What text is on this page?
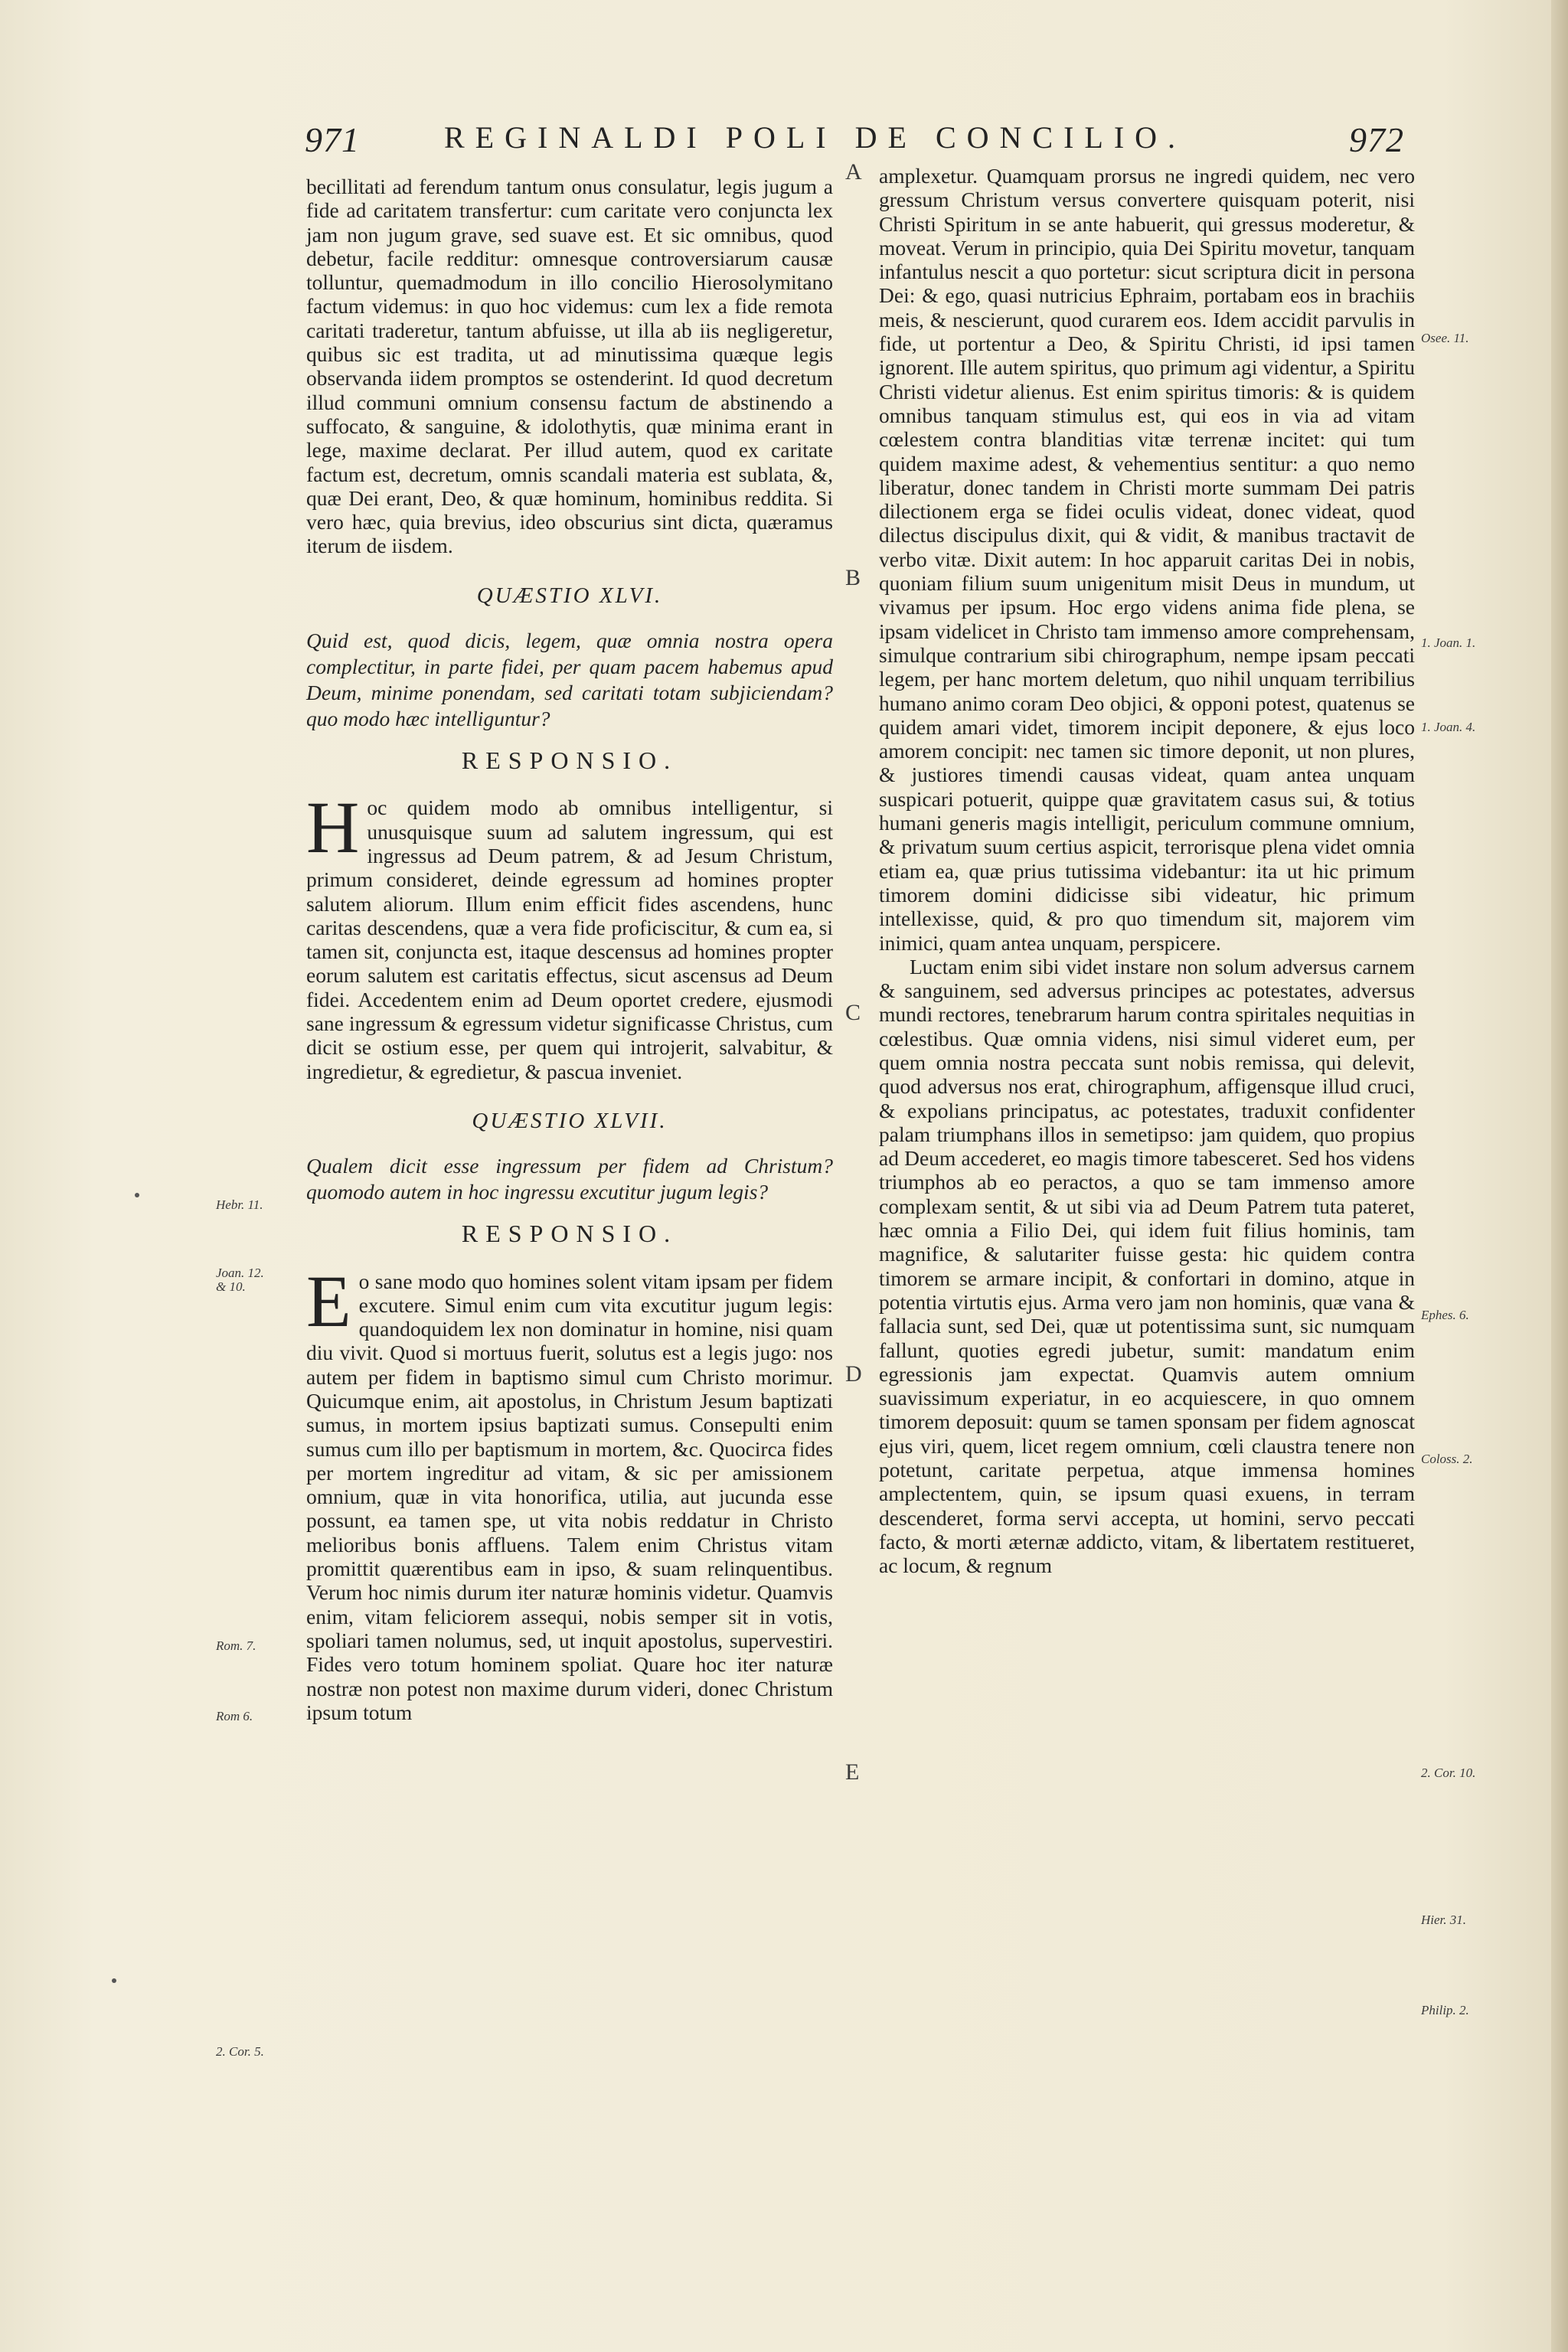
971	REGINALDI POLI DE CONCILIO.	972

becillitati ad ferendum tantum onus consulatur, legis jugum a fide ad caritatem transfertur: cum caritate vero conjuncta lex jam non jugum grave, sed suave est. Et sic omnibus, quod debetur, facile redditur: omnesque controversiarum causæ tolluntur, quemadmodum in illo concilio Hierosolymitano factum videmus: in quo hoc videmus: cum lex a fide remota caritati traderetur, tantum abfuisse, ut illa ab iis negligeretur, quibus sic est tradita, ut ad minutissima quæque legis observanda iidem promptos se ostenderint. Id quod decretum illud communi omnium consensu factum de abstinendo a suffocato, & sanguine, & idolothytis, quæ minima erant in lege, maxime declarat. Per illud autem, quod ex caritate factum est, decretum, omnis scandali materia est sublata, &, quæ Dei erant, Deo, & quæ hominum, hominibus reddita. Si vero hæc, quia brevius, ideo obscurius sint dicta, quæramus iterum de iisdem.

QUÆSTIO XLVI.

Quid est, quod dicis, legem, quæ omnia nostra opera complectitur, in parte fidei, per quam pacem habemus apud Deum, minime ponendam, sed caritati totam subjiciendam? quo modo hæc intelliguntur?

RESPONSIO.

Hoc quidem modo ab omnibus intelligentur, si unusquisque suum ad salutem ingressum, qui est ingressus ad Deum patrem, & ad Jesum Christum, primum consideret, deinde egressum ad homines propter salutem aliorum. Illum enim efficit fides ascendens, hunc caritas descendens, quæ a vera fide proficiscitur, & cum ea, si tamen sit, conjuncta est, itaque descensus ad homines propter eorum salutem est caritatis effectus, sicut ascensus ad Deum fidei. Accedentem enim ad Deum oportet credere, ejusmodi sane ingressum & egressum videtur significasse Christus, cum dicit se ostium esse, per quem qui introjerit, salvabitur, & ingredietur, & egredietur, & pascua inveniet.

QUÆSTIO XLVII.

Qualem dicit esse ingressum per fidem ad Christum? quomodo autem in hoc ingressu excutitur jugum legis?

RESPONSIO.

Eo sane modo quo homines solent vitam ipsam per fidem excutere. Simul enim cum vita excutitur jugum legis: quandoquidem lex non dominatur in homine, nisi quam diu vivit. Quod si mortuus fuerit, solutus est a legis jugo: nos autem per fidem in baptismo simul cum Christo morimur. Quicumque enim, ait apostolus, in Christum Jesum baptizati sumus, in mortem ipsius baptizati sumus. Consepulti enim sumus cum illo per baptismum in mortem, &c. Quocirca fides per mortem ingreditur ad vitam, & sic per amissionem omnium, quæ in vita honorifica, utilia, aut jucunda esse possunt, ea tamen spe, ut vita nobis reddatur in Christo melioribus bonis affluens. Talem enim Christus vitam promittit quærentibus eam in ipso, & suam relinquentibus. Verum hoc nimis durum iter naturæ hominis videtur. Quamvis enim, vitam feliciorem assequi, nobis semper sit in votis, spoliari tamen nolumus, sed, ut inquit apostolus, supervestiri. Fides vero totum hominem spoliat. Quare hoc iter naturæ nostræ non potest non maxime durum videri, donec Christum ipsum totum

amplexetur. Quamquam prorsus ne ingredi quidem, nec vero gressum Christum versus convertere quisquam poterit, nisi Christi Spiritum in se ante habuerit, qui gressus moderetur, & moveat. Verum in principio, quia Dei Spiritu movetur, tanquam infantulus nescit a quo portetur: sicut scriptura dicit in persona Dei: & ego, quasi nutricius Ephraim, portabam eos in brachiis meis, & nescierunt, quod curarem eos. Idem accidit parvulis in fide, ut portentur a Deo, & Spiritu Christi, id ipsi tamen ignorent. Ille autem spiritus, quo primum agi videntur, a Spiritu Christi videtur alienus. Est enim spiritus timoris: & is quidem omnibus tanquam stimulus est, qui eos in via ad vitam cœlestem contra blanditias vitæ terrenæ incitet: qui tum quidem maxime adest, & vehementius sentitur: a quo nemo liberatur, donec tandem in Christi morte summam Dei patris dilectionem erga se fidei oculis videat, donec videat, quod dilectus discipulus dixit, qui & vidit, & manibus tractavit de verbo vitæ. Dixit autem: In hoc apparuit caritas Dei in nobis, quoniam filium suum unigenitum misit Deus in mundum, ut vivamus per ipsum. Hoc ergo videns anima fide plena, se ipsam videlicet in Christo tam immenso amore comprehensam, simulque contrarium sibi chirographum, nempe ipsam peccati legem, per hanc mortem deletum, quo nihil unquam terribilius humano animo coram Deo objici, & opponi potest, quatenus se quidem amari videt, timorem incipit deponere, & ejus loco amorem concipit: nec tamen sic timore deponit, ut non plures, & justiores timendi causas videat, quam antea unquam suspicari potuerit, quippe quæ gravitatem casus sui, & totius humani generis magis intelligit, periculum commune omnium, & privatum suum certius aspicit, terrorisque plena videt omnia etiam ea, quæ prius tutissima videbantur: ita ut hic primum timorem domini didicisse sibi videatur, hic primum intellexisse, quid, & pro quo timendum sit, majorem vim inimici, quam antea unquam, perspicere.

Luctam enim sibi videt instare non solum adversus carnem & sanguinem, sed adversus principes ac potestates, adversus mundi rectores, tenebrarum harum contra spiritales nequitias in cœlestibus. Quæ omnia videns, nisi simul videret eum, per quem omnia nostra peccata sunt nobis remissa, qui delevit, quod adversus nos erat, chirographum, affigensque illud cruci, & expolians principatus, ac potestates, traduxit confidenter palam triumphans illos in semetipso: jam quidem, quo propius ad Deum accederet, eo magis timore tabesceret. Sed hos videns triumphos ab eo peractos, a quo se tam immenso amore complexam sentit, & ut sibi via ad Deum Patrem tuta pateret, hæc omnia a Filio Dei, qui idem fuit filius hominis, tam magnifice, & salutariter fuisse gesta: hic quidem contra timorem se armare incipit, & confortari in domino, atque in potentia virtutis ejus. Arma vero jam non hominis, quæ vana & fallacia sunt, sed Dei, quæ ut potentissima sunt, sic numquam fallunt, quoties egredi jubetur, sumit: mandatum enim egressionis jam expectat. Quamvis autem omnium suavissimum experiatur, in eo acquiescere, in quo omnem timorem deposuit: quum se tamen sponsam per fidem agnoscat ejus viri, quem, licet regem omnium, cœli claustra tenere non potetunt, caritate perpetua, atque immensa homines amplectentem, quin, se ipsum quasi exuens, in terram descenderet, forma servi accepta, ut homini, servo peccati facto, & morti æternæ addicto, vitam, & libertatem restitueret, ac locum, & regnum

A
B
C
D
E
Hebr. 11.
Joan. 12. & 10.
Rom. 7.
Rom 6.
2. Cor. 5.
Osee. 11.
1. Joan. 1.
1. Joan. 4.
Ephes. 6.
Coloss. 2.
2. Cor. 10.
Hier. 31.
Philip. 2.
